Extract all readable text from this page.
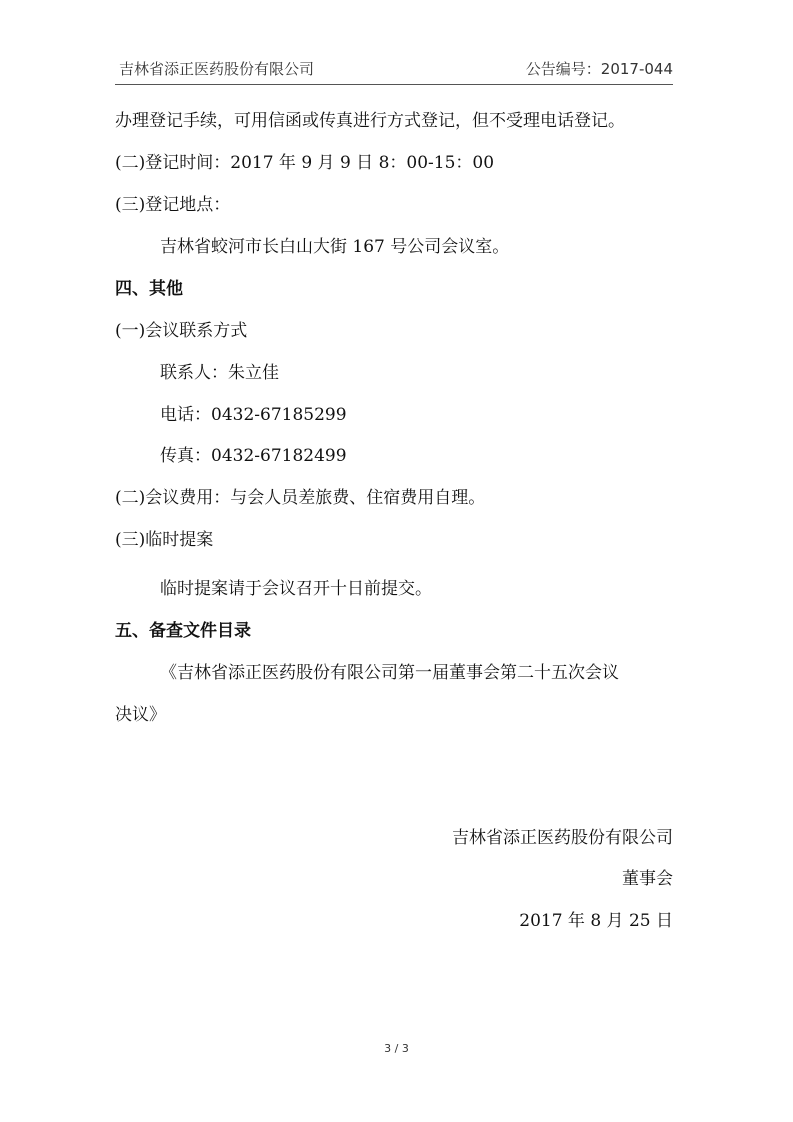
吉林省添正医药股份有限公司	公告编号：2017-044
办理登记手续，可用信函或传真进行方式登记，但不受理电话登记。
(二)登记时间：2017 年 9 月 9 日 8：00-15：00
(三)登记地点：
吉林省蛟河市长白山大街 167 号公司会议室。
四、其他
(一)会议联系方式
联系人：朱立佳
电话：0432-67185299
传真：0432-67182499
(二)会议费用：与会人员差旅费、住宿费用自理。
(三)临时提案
临时提案请于会议召开十日前提交。
五、备查文件目录
《吉林省添正医药股份有限公司第一届董事会第二十五次会议
决议》
吉林省添正医药股份有限公司
董事会
2017 年 8 月 25 日
3 / 3
